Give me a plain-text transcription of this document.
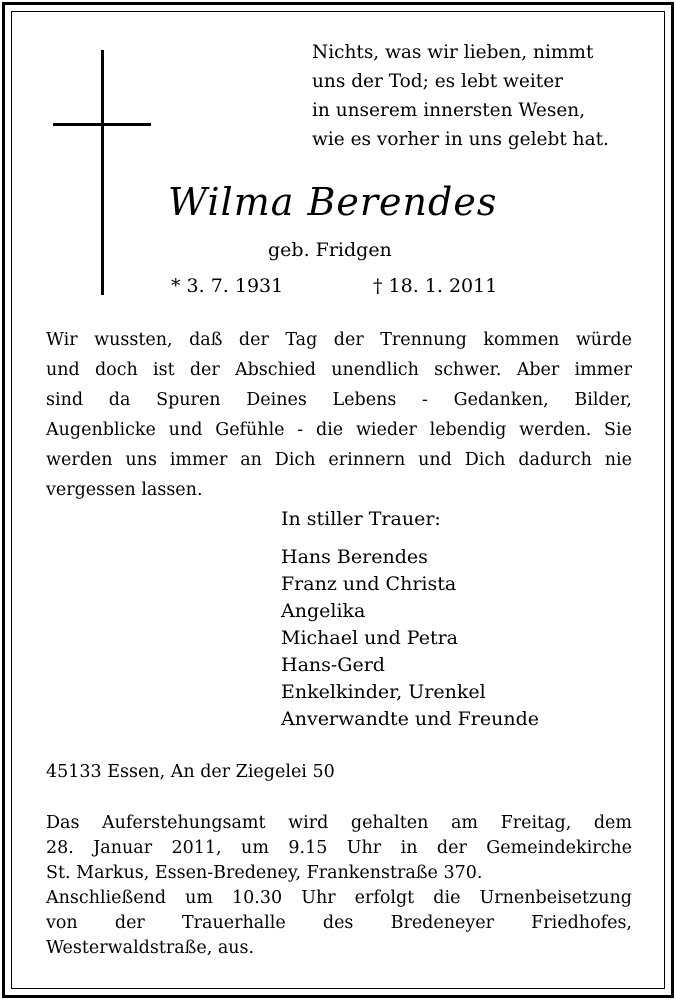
Nichts, was wir lieben, nimmt
uns der Tod; es lebt weiter
in unserem innersten Wesen,
wie es vorher in uns gelebt hat.
Wilma Berendes
geb. Fridgen
* 3. 7. 1931	† 18. 1. 2011
Wir wussten, daß der Tag der Trennung kommen würde
und doch ist der Abschied unendlich schwer. Aber immer
sind da Spuren Deines Lebens - Gedanken, Bilder,
Augenblicke und Gefühle - die wieder lebendig werden. Sie
werden uns immer an Dich erinnern und Dich dadurch nie
vergessen lassen.
In stiller Trauer:
Hans Berendes
Franz und Christa
Angelika
Michael und Petra
Hans-Gerd
Enkelkinder, Urenkel
Anverwandte und Freunde
45133 Essen, An der Ziegelei 50
Das Auferstehungsamt wird gehalten am Freitag, dem
28. Januar 2011, um 9.15 Uhr in der Gemeindekirche
St. Markus, Essen-Bredeney, Frankenstraße 370.
Anschließend um 10.30 Uhr erfolgt die Urnenbeisetzung
von der Trauerhalle des Bredeneyer Friedhofes,
Westerwaldstraße, aus.
